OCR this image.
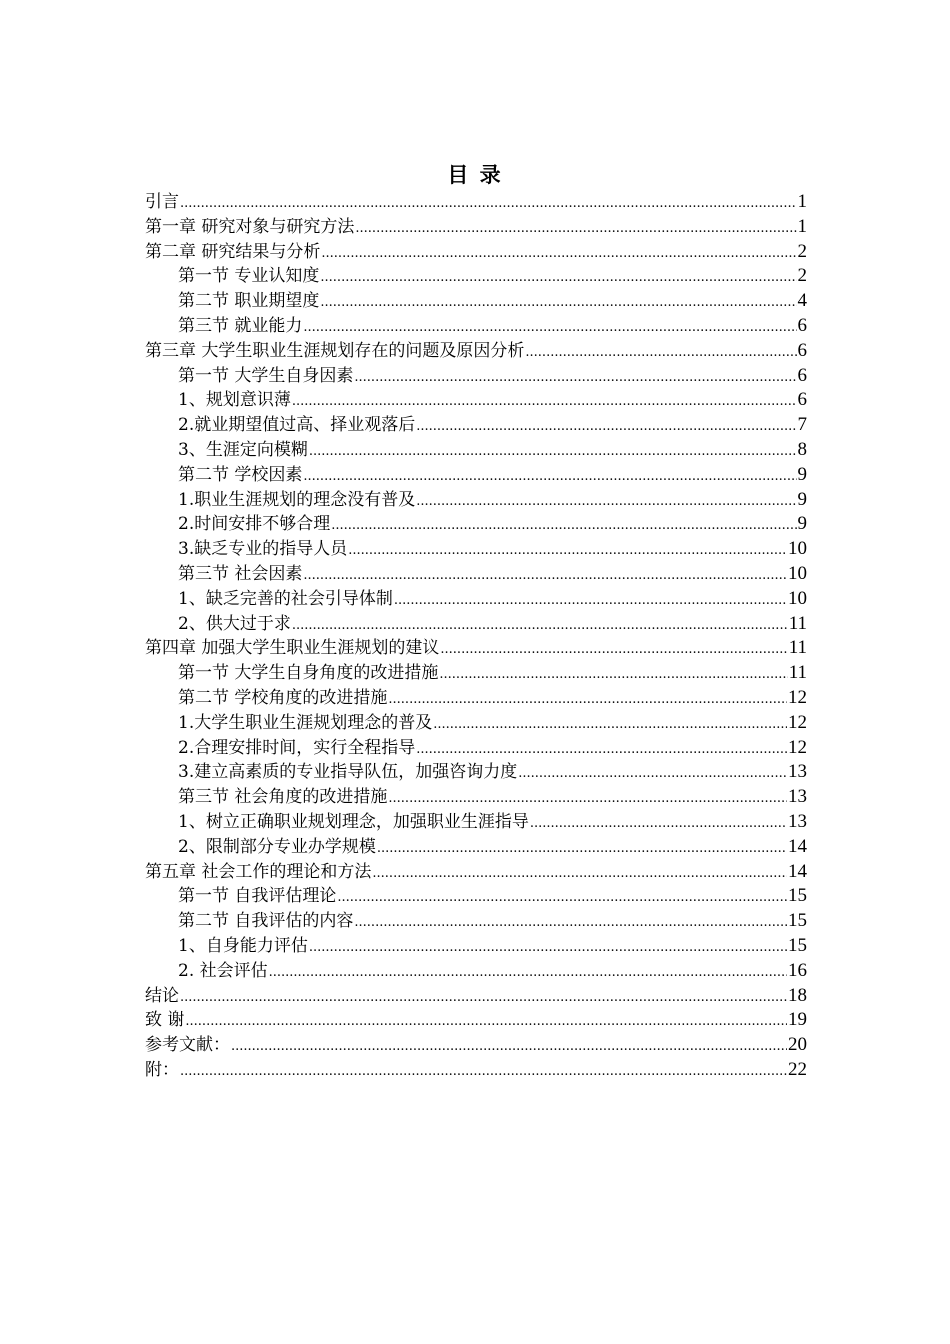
目 录
引言 .....	1
第一章 研究对象与研究方法 .....	1
第二章 研究结果与分析 .....	2
第一节 专业认知度 .....	2
第二节 职业期望度 .....	4
第三节 就业能力 .....	6
第三章 大学生职业生涯规划存在的问题及原因分析 .....	6
第一节 大学生自身因素 .....	6
1、规划意识薄 .....	6
2.就业期望值过高、择业观落后 .....	7
3、生涯定向模糊 .....	8
第二节 学校因素 .....	9
1.职业生涯规划的理念没有普及 .....	9
2.时间安排不够合理 .....	9
3.缺乏专业的指导人员 .....	10
第三节 社会因素 .....	10
1、缺乏完善的社会引导体制 .....	10
2、供大过于求 .....	11
第四章 加强大学生职业生涯规划的建议 .....	11
第一节 大学生自身角度的改进措施 .....	11
第二节 学校角度的改进措施 .....	12
1.大学生职业生涯规划理念的普及 .....	12
2.合理安排时间，实行全程指导 .....	12
3.建立高素质的专业指导队伍，加强咨询力度 .....	13
第三节 社会角度的改进措施 .....	13
1、树立正确职业规划理念，加强职业生涯指导 .....	13
2、限制部分专业办学规模 .....	14
第五章 社会工作的理论和方法 .....	14
第一节 自我评估理论 .....	15
第二节 自我评估的内容 .....	15
1、自身能力评估 .....	15
2. 社会评估 .....	16
结论 .....	18
致 谢 .....	19
参考文献： .....	20
附： .....	22
